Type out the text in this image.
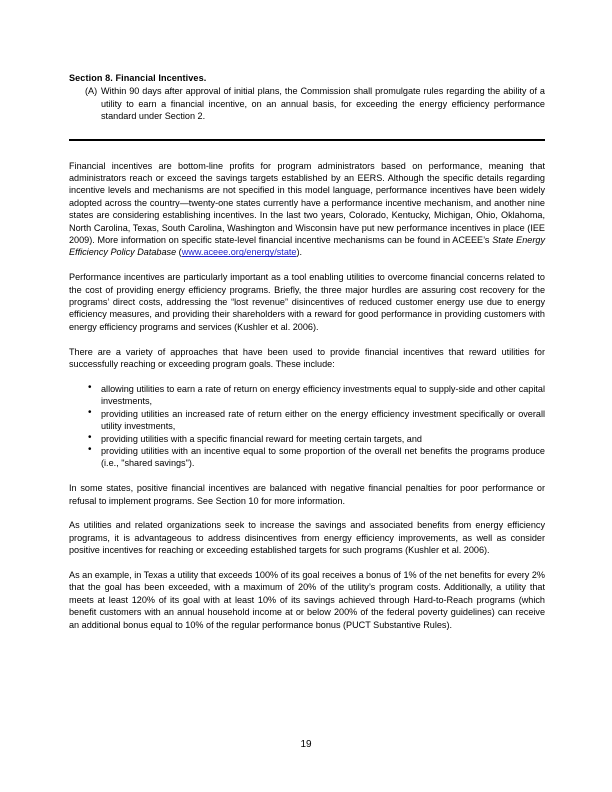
Section 8. Financial Incentives.
(A) Within 90 days after approval of initial plans, the Commission shall promulgate rules regarding the ability of a utility to earn a financial incentive, on an annual basis, for exceeding the energy efficiency performance standard under Section 2.

Financial incentives are bottom-line profits for program administrators based on performance, meaning that administrators reach or exceed the savings targets established by an EERS. Although the specific details regarding incentive levels and mechanisms are not specified in this model language, performance incentives have been widely adopted across the country—twenty-one states currently have a performance incentive mechanism, and another nine states are considering establishing incentives. In the last two years, Colorado, Kentucky, Michigan, Ohio, Oklahoma, North Carolina, Texas, South Carolina, Washington and Wisconsin have put new performance incentives in place (IEE 2009). More information on specific state-level financial incentive mechanisms can be found in ACEEE’s State Energy Efficiency Policy Database (www.aceee.org/energy/state).

Performance incentives are particularly important as a tool enabling utilities to overcome financial concerns related to the cost of providing energy efficiency programs. Briefly, the three major hurdles are assuring cost recovery for the programs’ direct costs, addressing the “lost revenue” disincentives of reduced customer energy use due to energy efficiency measures, and providing their shareholders with a reward for good performance in providing customers with energy efficiency programs and services (Kushler et al. 2006).

There are a variety of approaches that have been used to provide financial incentives that reward utilities for successfully reaching or exceeding program goals. These include:

• allowing utilities to earn a rate of return on energy efficiency investments equal to supply-side and other capital investments,
• providing utilities an increased rate of return either on the energy efficiency investment specifically or overall utility investments,
• providing utilities with a specific financial reward for meeting certain targets, and
• providing utilities with an incentive equal to some proportion of the overall net benefits the programs produce (i.e., "shared savings").

In some states, positive financial incentives are balanced with negative financial penalties for poor performance or refusal to implement programs. See Section 10 for more information.

As utilities and related organizations seek to increase the savings and associated benefits from energy efficiency programs, it is advantageous to address disincentives from energy efficiency improvements, as well as consider positive incentives for reaching or exceeding established targets for such programs (Kushler et al. 2006).

As an example, in Texas a utility that exceeds 100% of its goal receives a bonus of 1% of the net benefits for every 2% that the goal has been exceeded, with a maximum of 20% of the utility’s program costs. Additionally, a utility that meets at least 120% of its goal with at least 10% of its savings achieved through Hard-to-Reach programs (which benefit customers with an annual household income at or below 200% of the federal poverty guidelines) can receive an additional bonus equal to 10% of the regular performance bonus (PUCT Substantive Rules).

19
